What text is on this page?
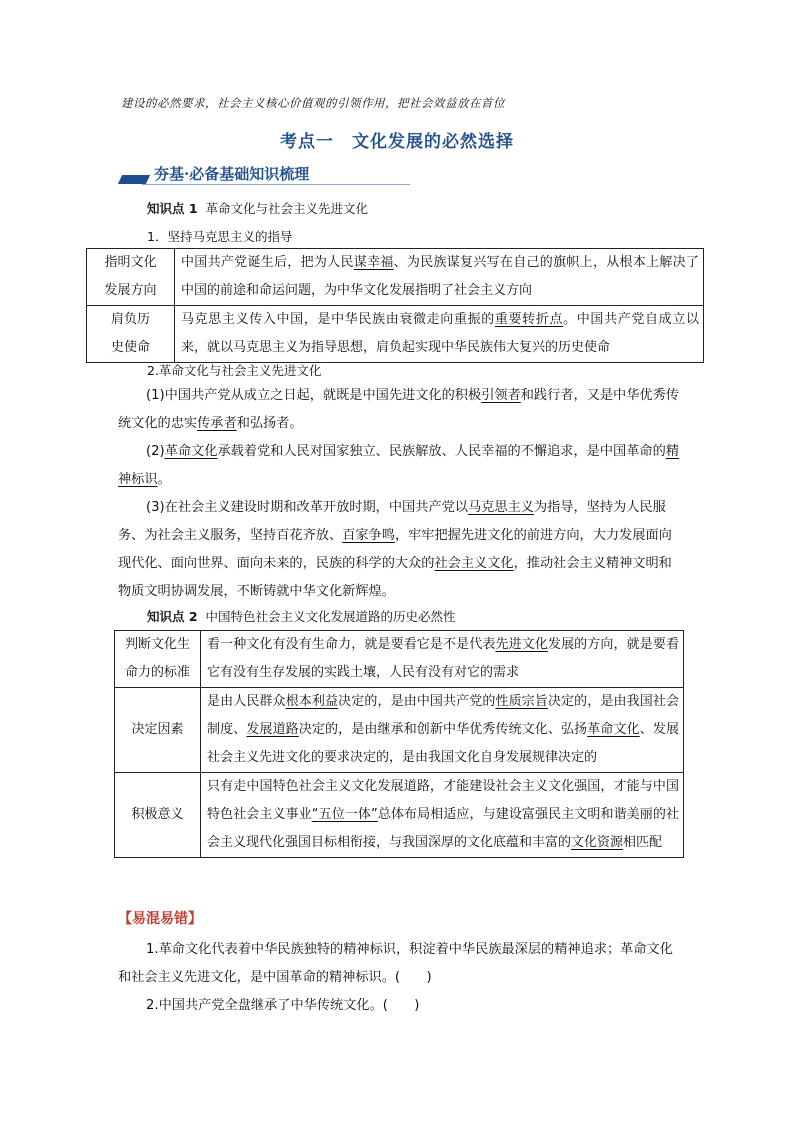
建设的必然要求，社会主义核心价值观的引领作用，把社会效益放在首位
考点一　文化发展的必然选择
夯基·必备基础知识梳理
知识点 1 革命文化与社会主义先进文化
1．坚持马克思主义的指导
指明文化
发展方向	中国共产党诞生后，把为人民谋幸福、为民族谋复兴写在自己的旗帜上，从根本上解决了中国的前途和命运问题，为中华文化发展指明了社会主义方向

肩负历
史使命	马克思主义传入中国，是中华民族由衰微走向重振的重要转折点。中国共产党自成立以来，就以马克思主义为指导思想，肩负起实现中华民族伟大复兴的历史使命
2.革命文化与社会主义先进文化
(1)中国共产党从成立之日起，就既是中国先进文化的积极引领者和践行者，又是中华优秀传统文化的忠实传承者和弘扬者。
(2)革命文化承载着党和人民对国家独立、民族解放、人民幸福的不懈追求，是中国革命的精神标识。
(3)在社会主义建设时期和改革开放时期，中国共产党以马克思主义为指导，坚持为人民服务、为社会主义服务，坚持百花齐放、百家争鸣，牢牢把握先进文化的前进方向，大力发展面向现代化、面向世界、面向未来的，民族的科学的大众的社会主义文化，推动社会主义精神文明和物质文明协调发展，不断铸就中华文化新辉煌。
知识点 2 中国特色社会主义文化发展道路的历史必然性
判断文化生
命力的标准	看一种文化有没有生命力，就是要看它是不是代表先进文化发展的方向，就是要看它有没有生存发展的实践土壤，人民有没有对它的需求

决定因素	是由人民群众根本利益决定的，是由中国共产党的性质宗旨决定的，是由我国社会制度、发展道路决定的，是由继承和创新中华优秀传统文化、弘扬革命文化、发展社会主义先进文化的要求决定的，是由我国文化自身发展规律决定的

积极意义	只有走中国特色社会主义文化发展道路，才能建设社会主义文化强国，才能与中国特色社会主义事业“五位一体”总体布局相适应，与建设富强民主文明和谐美丽的社会主义现代化强国目标相衔接，与我国深厚的文化底蕴和丰富的文化资源相匹配
【易混易错】
1.革命文化代表着中华民族独特的精神标识，积淀着中华民族最深层的精神追求；革命文化和社会主义先进文化，是中国革命的精神标识。(　　)
2.中国共产党全盘继承了中华传统文化。(　　)
